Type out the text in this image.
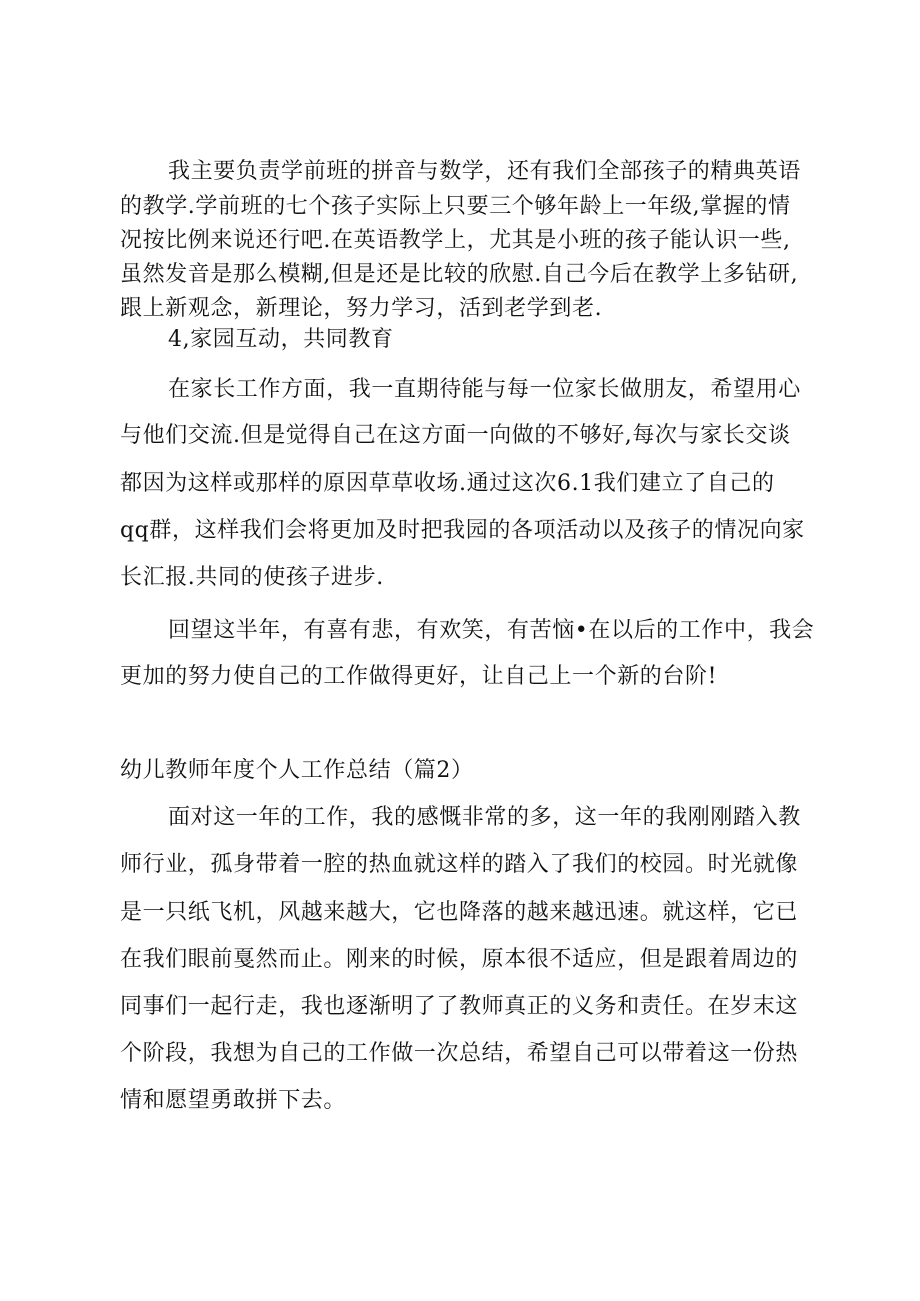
我主要负责学前班的拼音与数学，还有我们全部孩子的精典英语
的教学.学前班的七个孩子实际上只要三个够年龄上一年级,掌握的情
况按比例来说还行吧.在英语教学上，尤其是小班的孩子能认识一些,
虽然发音是那么模糊,但是还是比较的欣慰.自己今后在教学上多钻研,
跟上新观念，新理论，努力学习，活到老学到老.
4,家园互动，共同教育
在家长工作方面，我一直期待能与每一位家长做朋友，希望用心
与他们交流.但是觉得自己在这方面一向做的不够好,每次与家长交谈
都因为这样或那样的原因草草收场.通过这次6.1我们建立了自己的
qq群，这样我们会将更加及时把我园的各项活动以及孩子的情况向家
长汇报.共同的使孩子进步.
回望这半年，有喜有悲，有欢笑，有苦恼•在以后的工作中，我会
更加的努力使自己的工作做得更好，让自己上一个新的台阶!
幼儿教师年度个人工作总结（篇2）
面对这一年的工作，我的感慨非常的多，这一年的我刚刚踏入教
师行业，孤身带着一腔的热血就这样的踏入了我们的校园。时光就像
是一只纸飞机，风越来越大，它也降落的越来越迅速。就这样，它已
在我们眼前戛然而止。刚来的时候，原本很不适应，但是跟着周边的
同事们一起行走，我也逐渐明了了教师真正的义务和责任。在岁末这
个阶段，我想为自己的工作做一次总结，希望自己可以带着这一份热
情和愿望勇敢拼下去。
